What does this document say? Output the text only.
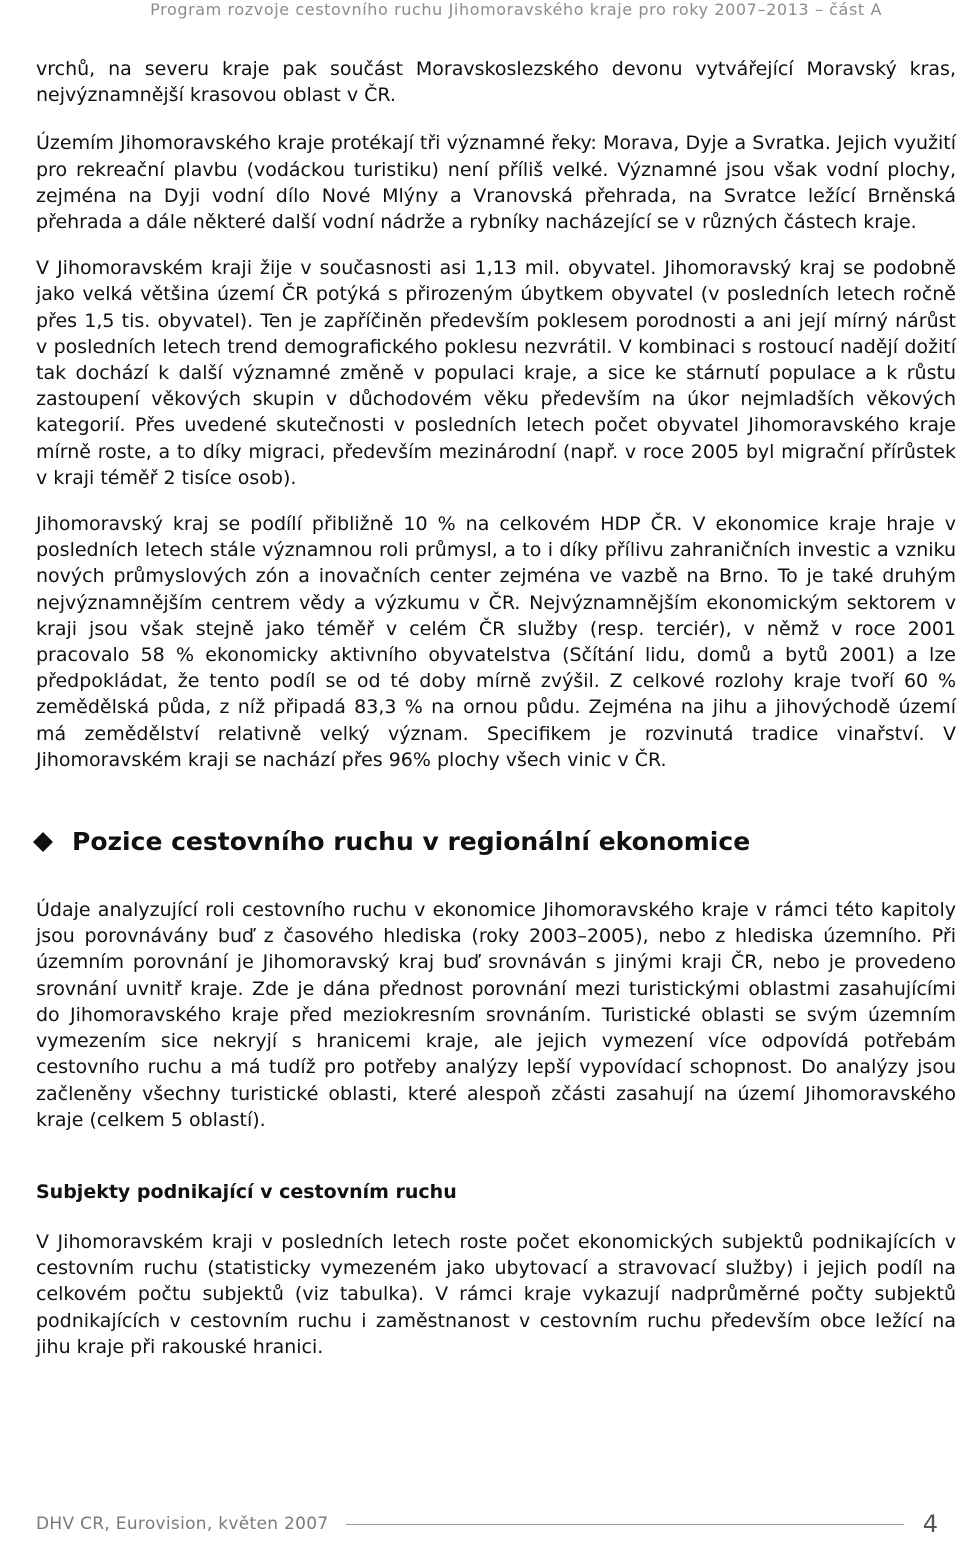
Program rozvoje cestovního ruchu Jihomoravského kraje pro roky 2007–2013 – část A

vrchů, na severu kraje pak součást Moravskoslezského devonu vytvářející Moravský kras, nejvýznamnější krasovou oblast v ČR.

Územím Jihomoravského kraje protékají tři významné řeky: Morava, Dyje a Svratka. Jejich využití pro rekreační plavbu (vodáckou turistiku) není příliš velké. Významné jsou však vodní plochy, zejména na Dyji vodní dílo Nové Mlýny a Vranovská přehrada, na Svratce ležící Brněnská přehrada a dále některé další vodní nádrže a rybníky nacházející se v různých částech kraje.

V Jihomoravském kraji žije v současnosti asi 1,13 mil. obyvatel. Jihomoravský kraj se podobně jako velká většina území ČR potýká s přirozeným úbytkem obyvatel (v posledních letech ročně přes 1,5 tis. obyvatel). Ten je zapříčiněn především poklesem porodnosti a ani její mírný nárůst v posledních letech trend demografického poklesu nezvrátil. V kombinaci s rostoucí nadějí dožití tak dochází k další významné změně v populaci kraje, a sice ke stárnutí populace a k růstu zastoupení věkových skupin v důchodovém věku především na úkor nejmladších věkových kategorií. Přes uvedené skutečnosti v posledních letech počet obyvatel Jihomoravského kraje mírně roste, a to díky migraci, především mezinárodní (např. v roce 2005 byl migrační přírůstek v kraji téměř 2 tisíce osob).

Jihomoravský kraj se podílí přibližně 10 % na celkovém HDP ČR. V ekonomice kraje hraje v posledních letech stále významnou roli průmysl, a to i díky přílivu zahraničních investic a vzniku nových průmyslových zón a inovačních center zejména ve vazbě na Brno. To je také druhým nejvýznamnějším centrem vědy a výzkumu v ČR. Nejvýznamnějším ekonomickým sektorem v kraji jsou však stejně jako téměř v celém ČR služby (resp. terciér), v němž v roce 2001 pracovalo 58 % ekonomicky aktivního obyvatelstva (Sčítání lidu, domů a bytů 2001) a lze předpokládat, že tento podíl se od té doby mírně zvýšil. Z celkové rozlohy kraje tvoří 60 % zemědělská půda, z níž připadá 83,3 % na ornou půdu. Zejména na jihu a jihovýchodě území má zemědělství relativně velký význam. Specifikem je rozvinutá tradice vinařství. V Jihomoravském kraji se nachází přes 96% plochy všech vinic v ČR.

Pozice cestovního ruchu v regionální ekonomice

Údaje analyzující roli cestovního ruchu v ekonomice Jihomoravského kraje v rámci této kapitoly jsou porovnávány buď z časového hlediska (roky 2003–2005), nebo z hlediska územního. Při územním porovnání je Jihomoravský kraj buď srovnáván s jinými kraji ČR, nebo je provedeno srovnání uvnitř kraje. Zde je dána přednost porovnání mezi turistickými oblastmi zasahujícími do Jihomoravského kraje před meziokresním srovnáním. Turistické oblasti se svým územním vymezením sice nekryjí s hranicemi kraje, ale jejich vymezení více odpovídá potřebám cestovního ruchu a má tudíž pro potřeby analýzy lepší vypovídací schopnost. Do analýzy jsou začleněny všechny turistické oblasti, které alespoň zčásti zasahují na území Jihomoravského kraje (celkem 5 oblastí).

Subjekty podnikající v cestovním ruchu

V Jihomoravském kraji v posledních letech roste počet ekonomických subjektů podnikajících v cestovním ruchu (statisticky vymezeném jako ubytovací a stravovací služby) i jejich podíl na celkovém počtu subjektů (viz tabulka). V rámci kraje vykazují nadprůměrné počty subjektů podnikajících v cestovním ruchu i zaměstnanost v cestovním ruchu především obce ležící na jihu kraje při rakouské hranici.

DHV CR, Eurovision, květen 2007	4
